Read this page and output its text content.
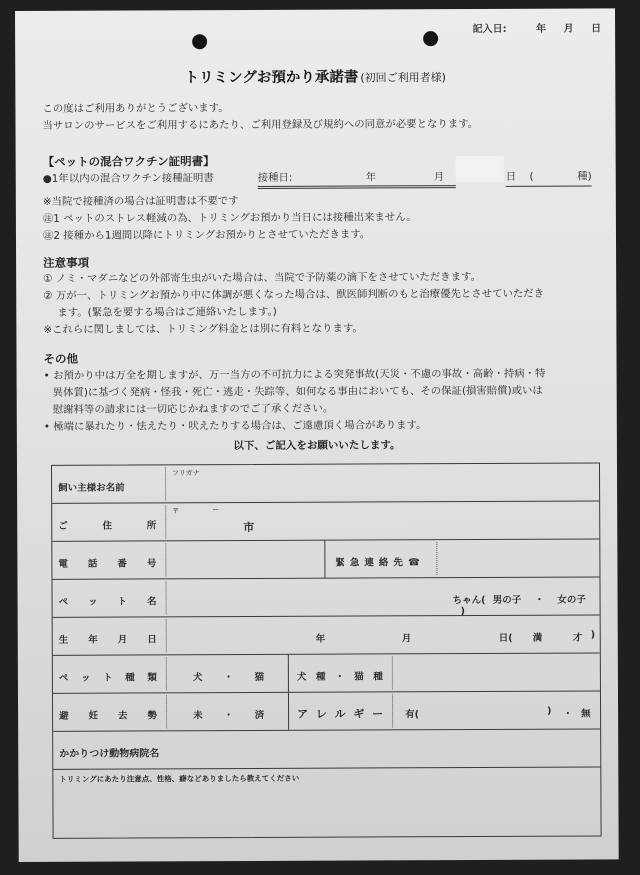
記入日:	年 月 日
トリミングお預かり承諾書 (初回ご利用者様)
この度はご利用ありがとうございます。
当サロンのサービスをご利用するにあたり、ご利用登録及び規約への同意が必要となります。
【ペットの混合ワクチン証明書】
●1年以内の混合ワクチン接種証明書	接種日:	年	月	日 (	種)
※当院で接種済の場合は証明書は不要です
㊟1 ペットのストレス軽減の為、トリミングお預かり当日には接種出来ません。
㊟2 接種から1週間以降にトリミングお預かりとさせていただきます。
注意事項
① ノミ・マダニなどの外部寄生虫がいた場合は、当院で予防薬の滴下をさせていただきます。
② 万が一、トリミングお預かり中に体調が悪くなった場合は、獣医師判断のもと治療優先とさせていただき
ます。(緊急を要する場合はご連絡いたします。)
※これらに関しましては、トリミング料金とは別に有料となります。
その他
• お預かり中は万全を期しますが、万一当方の不可抗力による突発事故(天災・不慮の事故・高齢・持病・特
異体質)に基づく発病・怪我・死亡・逃走・失踪等、如何なる事由においても、その保証(損害賠償)或いは
慰謝料等の請求には一切応じかねますのでご了承ください。
• 極端に暴れたり・怯えたり・吠えたりする場合は、ご遠慮頂く場合があります。
以下、ご記入をお願いいたします。
飼い主様お名前
フリガナ
ご	住	所
〒	ー
市
電 話 番 号	緊急連絡先☎
ペ ッ ト 名	ちゃん( 男の子 ・ 女の子 )
生 年 月 日	年	月	日( 満	才 )
ペ ッ ト 種 類	犬 ・ 猫	犬 種 ・ 猫 種
避 妊 去 勢	未 ・ 済	ア レ ル ギ ー 有(	) ・ 無
かかりつけ動物病院名
トリミングにあたり注意点、性格、癖などありましたら教えてください
